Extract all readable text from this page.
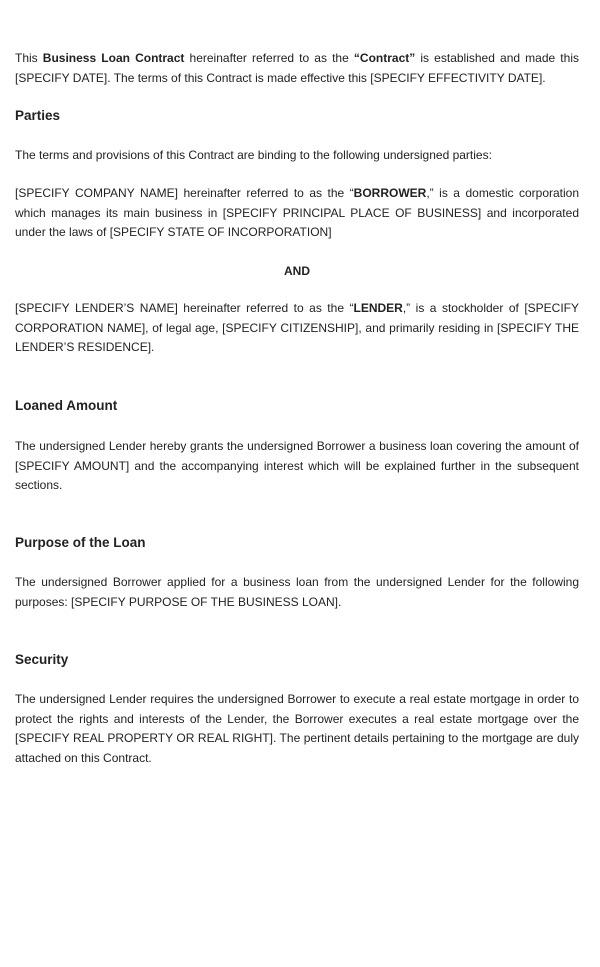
This Business Loan Contract hereinafter referred to as the “Contract” is established and made this [SPECIFY DATE]. The terms of this Contract is made effective this [SPECIFY EFFECTIVITY DATE].

Parties

The terms and provisions of this Contract are binding to the following undersigned parties:

[SPECIFY COMPANY NAME] hereinafter referred to as the “BORROWER,” is a domestic corporation which manages its main business in [SPECIFY PRINCIPAL PLACE OF BUSINESS] and incorporated under the laws of [SPECIFY STATE OF INCORPORATION]

AND

[SPECIFY LENDER’S NAME] hereinafter referred to as the “LENDER,” is a stockholder of [SPECIFY CORPORATION NAME], of legal age, [SPECIFY CITIZENSHIP], and primarily residing in [SPECIFY THE LENDER’S RESIDENCE].

Loaned Amount

The undersigned Lender hereby grants the undersigned Borrower a business loan covering the amount of [SPECIFY AMOUNT] and the accompanying interest which will be explained further in the subsequent sections.

Purpose of the Loan

The undersigned Borrower applied for a business loan from the undersigned Lender for the following purposes: [SPECIFY PURPOSE OF THE BUSINESS LOAN].

Security

The undersigned Lender requires the undersigned Borrower to execute a real estate mortgage in order to protect the rights and interests of the Lender, the Borrower executes a real estate mortgage over the [SPECIFY REAL PROPERTY OR REAL RIGHT]. The pertinent details pertaining to the mortgage are duly attached on this Contract.
